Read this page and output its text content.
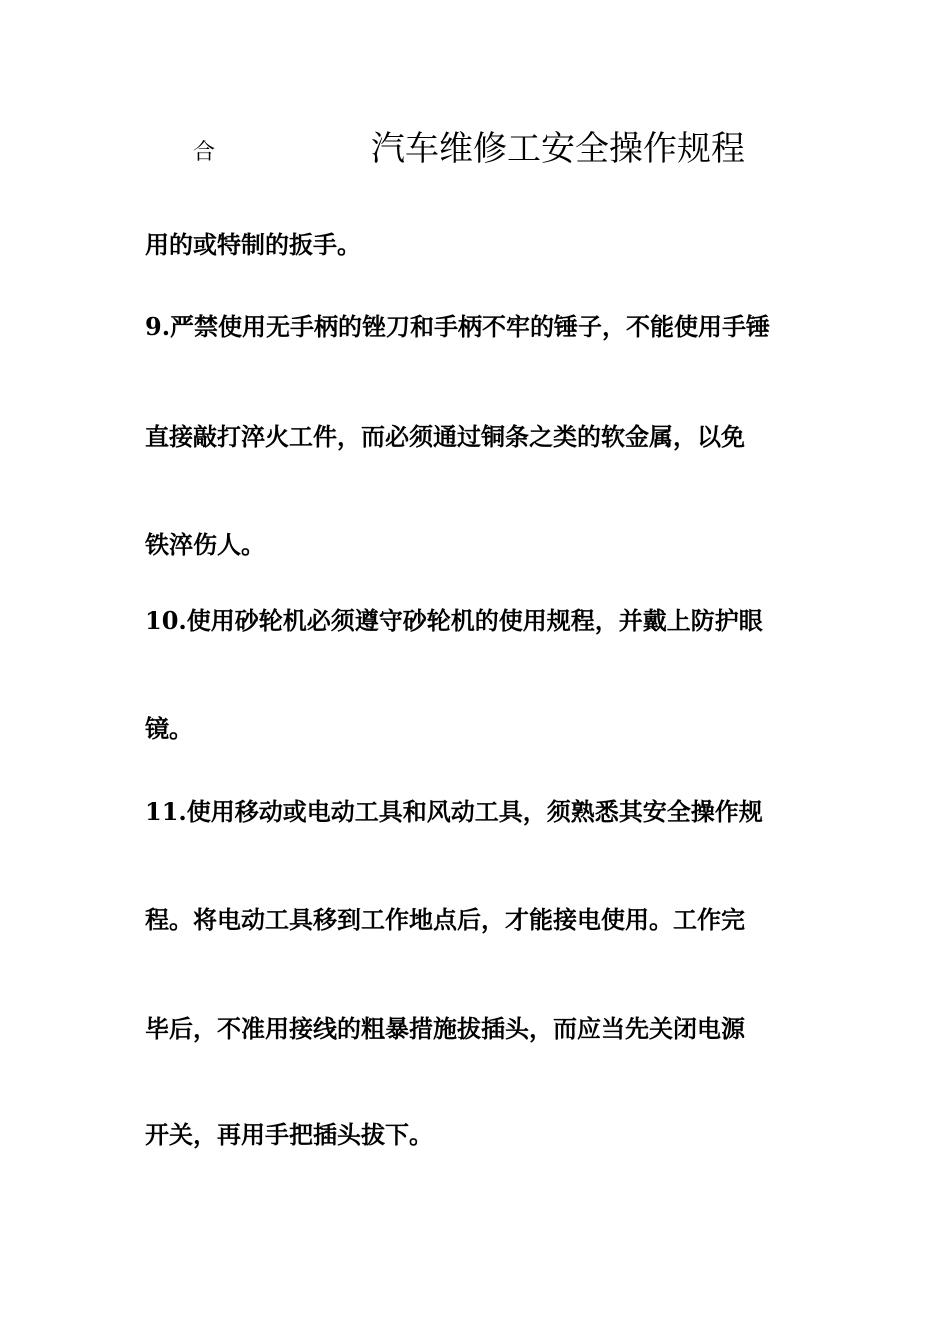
合	汽车维修工安全操作规程
用的或特制的扳手。
9.严禁使用无手柄的锉刀和手柄不牢的锤子，不能使用手锤
直接敲打淬火工件，而必须通过铜条之类的软金属，以免
铁淬伤人。
10.使用砂轮机必须遵守砂轮机的使用规程，并戴上防护眼
镜。
11.使用移动或电动工具和风动工具，须熟悉其安全操作规
程。将电动工具移到工作地点后，才能接电使用。工作完
毕后，不准用接线的粗暴措施拔插头，而应当先关闭电源
开关，再用手把插头拔下。
